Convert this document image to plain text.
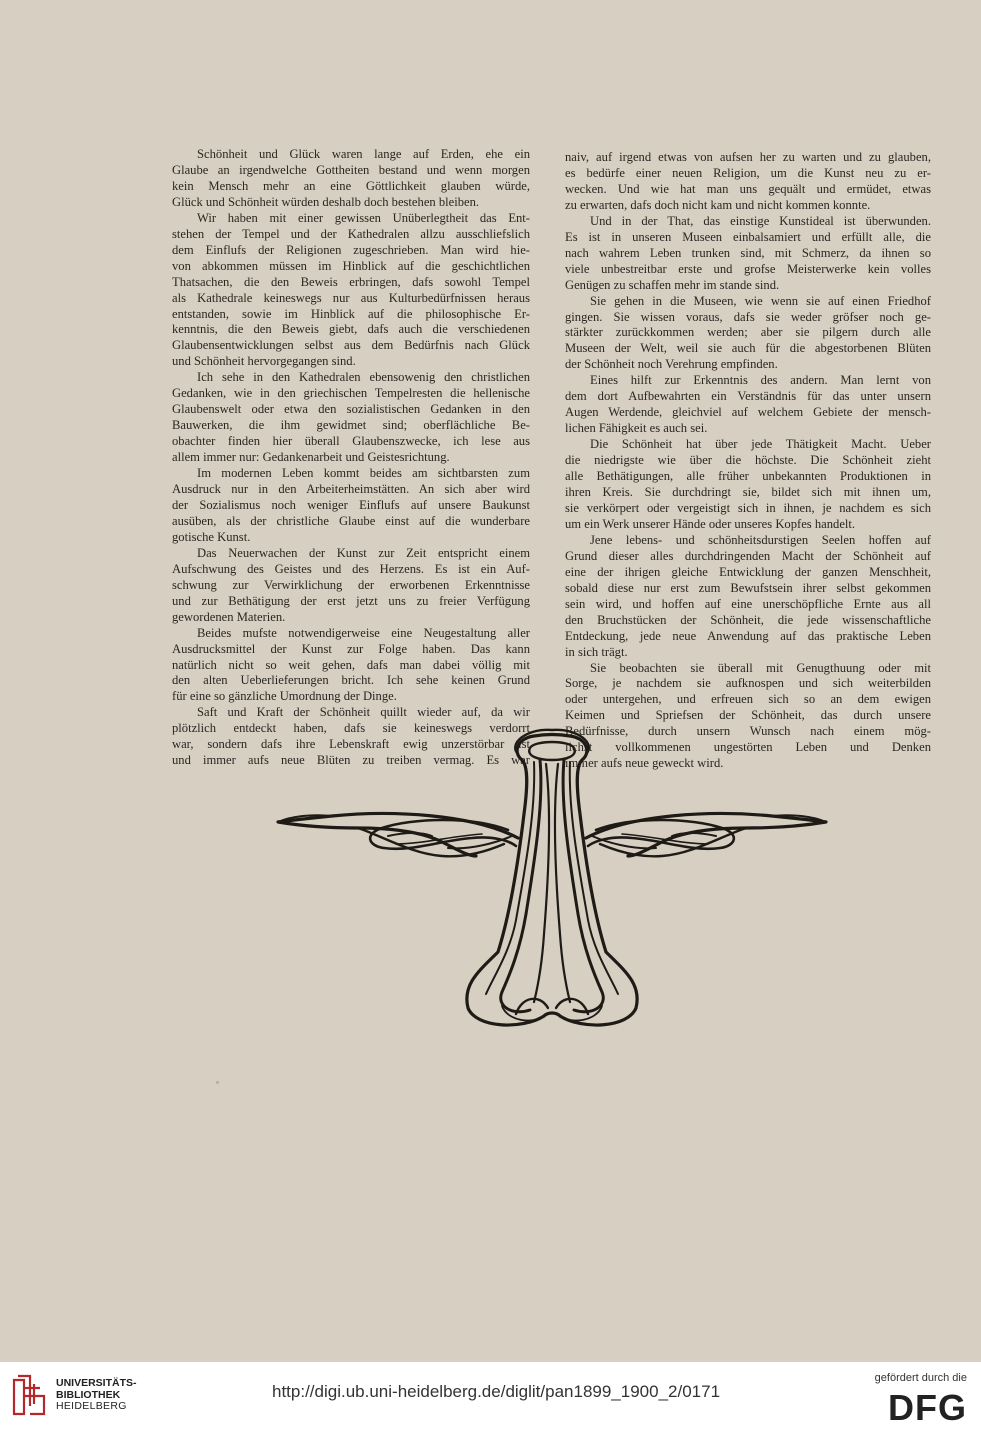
Schönheit und Glück waren lange auf Erden, ehe ein
Glaube an irgendwelche Gottheiten bestand und wenn morgen
kein Mensch mehr an eine Göttlichkeit glauben würde,
Glück und Schönheit würden deshalb doch bestehen bleiben.
Wir haben mit einer gewissen Unüberlegtheit das Ent-
stehen der Tempel und der Kathedralen allzu ausschliefslich
dem Einflufs der Religionen zugeschrieben. Man wird hie-
von abkommen müssen im Hinblick auf die geschichtlichen
Thatsachen, die den Beweis erbringen, dafs sowohl Tempel
als Kathedrale keineswegs nur aus Kulturbedürfnissen heraus
entstanden, sowie im Hinblick auf die philosophische Er-
kenntnis, die den Beweis giebt, dafs auch die verschiedenen
Glaubensentwicklungen selbst aus dem Bedürfnis nach Glück
und Schönheit hervorgegangen sind.
Ich sehe in den Kathedralen ebensowenig den christlichen
Gedanken, wie in den griechischen Tempelresten die hellenische
Glaubenswelt oder etwa den sozialistischen Gedanken in den
Bauwerken, die ihm gewidmet sind; oberflächliche Be-
obachter finden hier überall Glaubenszwecke, ich lese aus
allem immer nur: Gedankenarbeit und Geistesrichtung.
Im modernen Leben kommt beides am sichtbarsten zum
Ausdruck nur in den Arbeiterheimstätten. An sich aber wird
der Sozialismus noch weniger Einflufs auf unsere Baukunst
ausüben, als der christliche Glaube einst auf die wunderbare
gotische Kunst.
Das Neuerwachen der Kunst zur Zeit entspricht einem
Aufschwung des Geistes und des Herzens. Es ist ein Auf-
schwung zur Verwirklichung der erworbenen Erkenntnisse
und zur Bethätigung der erst jetzt uns zu freier Verfügung
gewordenen Materien.
Beides mufste notwendigerweise eine Neugestaltung aller
Ausdrucksmittel der Kunst zur Folge haben. Das kann
natürlich nicht so weit gehen, dafs man dabei völlig mit
den alten Ueberlieferungen bricht. Ich sehe keinen Grund
für eine so gänzliche Umordnung der Dinge.
Saft und Kraft der Schönheit quillt wieder auf, da wir
plötzlich entdeckt haben, dafs sie keineswegs verdorrt
war, sondern dafs ihre Lebenskraft ewig unzerstörbar ist
und immer aufs neue Blüten zu treiben vermag. Es war
naiv, auf irgend etwas von aufsen her zu warten und zu glauben,
es bedürfe einer neuen Religion, um die Kunst neu zu er-
wecken. Und wie hat man uns gequält und ermüdet, etwas
zu erwarten, dafs doch nicht kam und nicht kommen konnte.
Und in der That, das einstige Kunstideal ist überwunden.
Es ist in unseren Museen einbalsamiert und erfüllt alle, die
nach wahrem Leben trunken sind, mit Schmerz, da ihnen so
viele unbestreitbar erste und grofse Meisterwerke kein volles
Genügen zu schaffen mehr im stande sind.
Sie gehen in die Museen, wie wenn sie auf einen Friedhof
gingen. Sie wissen voraus, dafs sie weder gröfser noch ge-
stärkter zurückkommen werden; aber sie pilgern durch alle
Museen der Welt, weil sie auch für die abgestorbenen Blüten
der Schönheit noch Verehrung empfinden.
Eines hilft zur Erkenntnis des andern. Man lernt von
dem dort Aufbewahrten ein Verständnis für das unter unsern
Augen Werdende, gleichviel auf welchem Gebiete der mensch-
lichen Fähigkeit es auch sei.
Die Schönheit hat über jede Thätigkeit Macht. Ueber
die niedrigste wie über die höchste. Die Schönheit zieht
alle Bethätigungen, alle früher unbekannten Produktionen in
ihren Kreis. Sie durchdringt sie, bildet sich mit ihnen um,
sie verkörpert oder vergeistigt sich in ihnen, je nachdem es sich
um ein Werk unserer Hände oder unseres Kopfes handelt.
Jene lebens- und schönheitsdurstigen Seelen hoffen auf
Grund dieser alles durchdringenden Macht der Schönheit auf
eine der ihrigen gleiche Entwicklung der ganzen Menschheit,
sobald diese nur erst zum Bewufstsein ihrer selbst gekommen
sein wird, und hoffen auf eine unerschöpfliche Ernte aus all
den Bruchstücken der Schönheit, die jede wissenschaftliche
Entdeckung, jede neue Anwendung auf das praktische Leben
in sich trägt.
Sie beobachten sie überall mit Genugthuung oder mit
Sorge, je nachdem sie aufknospen und sich weiterbilden
oder untergehen, und erfreuen sich so an dem ewigen
Keimen und Spriefsen der Schönheit, das durch unsere
Bedürfnisse, durch unsern Wunsch nach einem mög-
lichst vollkommenen ungestörten Leben und Denken
immer aufs neue geweckt wird.
UNIVERSITÄTS-
BIBLIOTHEK
HEIDELBERG
http://digi.ub.uni-heidelberg.de/diglit/pan1899_1900_2/0171
gefördert durch die
DFG
